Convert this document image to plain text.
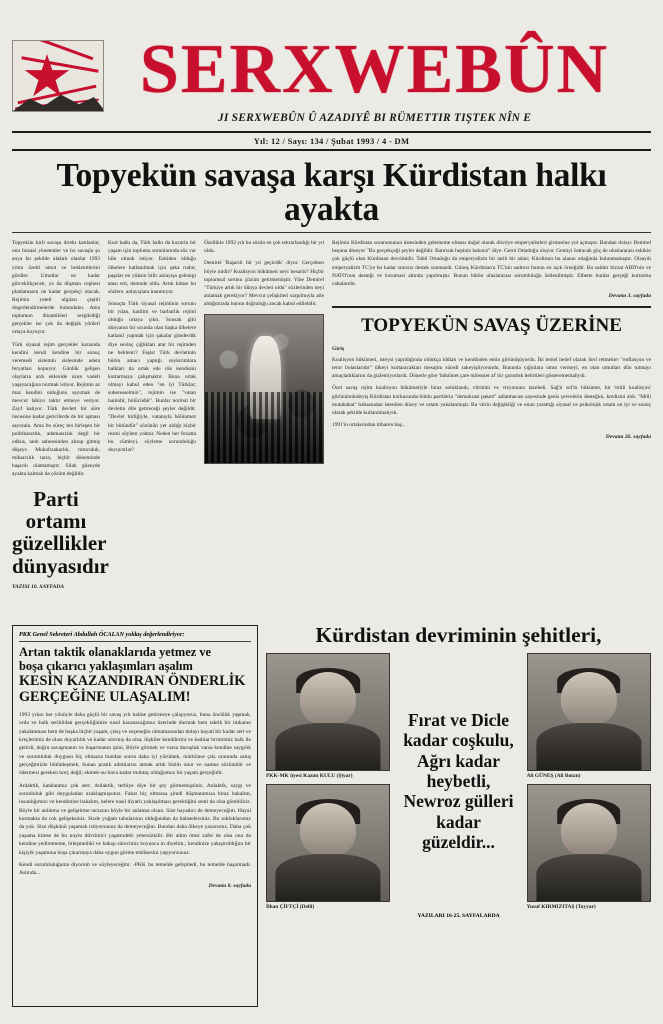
★ SERXWEBÛN
JI SERXWEBÛN Û AZADIYÊ BI RÜMETTIR TIŞTEK NÎN E
Yıl: 12 / Sayı: 134 / Şubat 1993 / 4 - DM
Topyekün savaşa karşı Kürdistan halkı ayakta

Topyekün kirli savaşa direkt katılanlar, onu buzaal yönetenler ve bu savaşla şu anya bu şekilde alakalı olanlar 1993 yılını özelti umut ve beklentilerini gördler. Umutlar ne kadar görceklikçecek, ya da düşman cephesi planlamazın ne kadar gerçekçi olacak. Rejimin yeteli algıları çeşitli dogerlendirmelerde bulunduku. Ama toplumun dinamikleri sergilediği gerçekler ise çok da değişik yönleri ortaya koyuyor.

Türk siyasal rejim gerçekler karaında kendini kendi kendine bir sonuç veremedi sistemin sislesinde adeta feryatları kopuyor. Günlük gelişen olayların ardı eklenide uzun vadeli yaşayacağına normak istiyor. Rejimin az maz kendini oldoğunu sayımak de mevcut labiyo taktır etmeye veriyor. Zayf kalıyor. Türk devleti bir süre öncesine kadar gericilerde de bir aşması sayoralu. Ama bu süreç ten birleşen bir politikasızlık, adamasızlık degil bir odkus, tanh sahnesinden alınıp gitmiş düşeys Muhafızakarlık, tutuculuk, mikarcılık tarın, hiçbir döneminde başarılı olamamıştır. Silah güzeyde ayakta kalmak da çözüm değildir.

Parti ortamı güzellikler dünyasıdır
YAZISI 10. SAYFADA

Kurt halkı da, Türk halkı da huzurlu bir yaşam için topluma sorunlarında söz var hile olmak istiyor. Eskiden olduğu ülkelere katlanılmak için şaka rudur, paşalar en yüksin bilir anlayışa gelenigi atası etti, demode oldu. Artık kimse bu sözlere, anlayışlara inanmıyor.

Sonuçta Türk siyasal rejiminin sorunu bir yılan, katilim ve barbarlık rejimi olduğu ortaya çıktı. Sonsak gibi dünyanın bir ucunda olan başka ülkelere katlanıl yapmak için şakalar gönderdik diye sevinç çığlıkları atar bir rejimden ne beklenir? Faşist Türk devletinin bütün amacı yaptığı soykırımlara halkları da ortak ede rök kendisini kurtarmaya çalışmaktır. Buna ortak olmayı kabul eden "en iyi Türklar; suberesselmin", rejimin ise "vatan hainidir, bölücüdür". Bunlar normal bir devletin dile getireceği şeyler değildir. "Devlet birliğiyle, vatanıyla bölünmez bir bütündür" sözünün yer aldığı hiçbir resmi söylem yoktur. Neden her fırsatta bu cümleyi, söyleme zorunduluğu duyuyorlar?

Özellikle 1992 yılı bu sözün en çok tekrarlandığı bir yıl oldu.

Demirel 'Başarılı bir yıl geçirdik' diyor. Gerçekten böyle midir? Koalisyon hükümeti neyi hesardı? Hiçbir toplumsal sorunu çözüm getirmemiştir. Yine Demirel "Türkiye artık bir dünya devleti oldu" sözlerinden neyi anlamak gerekiyor? Mevcut çelişkileri sarpılmıyla aile aldığımızda bunun doğruluğu ancak kabul edilebilir.

Rejimin Kürdistan sorunununun üstesinden gelememe olması doğal olarak düvriye emperyalistleri girmesine yol açmıştır. Bundan dolayı Demirel boşuna dmeyor "Bu gerçekçeği şeyler değildir. Batırısık hepiniz bahınız" diye. Gerni Ortadoğu oluyor. Gemiyi östracak güç de uluslararası eskikin çok güçlü olan Kürdistan devrimidir. Tabii Ortadoğu da emperyalizm bir tarih bir adaır; Kürdistan bu alanın odağında bulunmamıştır. Olsaydı emperyalizm TC'ye bu kadar sınırsız destek sunmazdı. Günoş Kürdistan'a TC'nin sadırısı bunun en açık örneğidir. Bu saldırı bizzat ABD'nin ve NATO'nun desteği ve korumasi altında yapılmıştır. Bunun bütün uluslararası sorumluluğu üstlenilmiştir. Elbette bunlar gerçeği kurtarma cabalarıdır.

Devamı 3. sayfada
TOPYEKÜN SAVAŞ ÜZERİNE
Giriş

Koalisyon hükümeti, isteysi yapıldığında oldukça iddialı ve kendinden emin görünüşüyordu. İki temel hedef olarak ileri retmekte: "enflasyon ve teror bolaslarıdır" ülkeyi kurtaracakları mesajını süredi sakeyişliyorundu. Bununla yığınlara umut vermeyi, en olan umutları dün tutmayı amaçladıklarını da gizlemiyorlardı. Dönerle göre 'hükümet çare milessier al' bir çarısıbık belirtileri gösterememaliydi.

Özel savaş rejim koalisyon hükümetiyle biraz soluklandı, vitrinini ve vizyonunu tazeledi. Sağ'lı sol'lu hükümet, bir 'milli koalisyon' görünümündeyiş Kürdistan korkusunda bütün partilerin "demokrasi paketi" adlatmacası sayesinde genis çevrelerin desteğini, kredisini aldı. "Milli mutabakat" babasından istenilen düzey ve ortam yakalanmıştı. Bu vitrin değişikliği ve onun yarattığı siyasal ve psikolojik ortam en iyi ve sonuç olarak şekilde kullanılmalıydı.

1991'in ortalarından itibaren baş...

Devamı 26. sayfada
PKK Genel Sekreteri Abdullah ÖCALAN yoldaş değerlendiriyor:
Artan taktik olanaklarıda yetmez ve
boşa çıkarıcı yaklaşımları aşalım
KESİN KAZANDIRAN ÖNDERLİK
GERÇEĞİNE ULAŞALIM!

1993 yılını her yönüyle daha güçlü bir savaş yılı haline getirmeye çalışıyoruz, buna öncülük yapmak, ordu ve halk serihlidan gerçekliğimize nasıl kazanacağımız üzerinde durmak hem taktik bir imkanın yakalanması hem de başka hiçbir yaşam, çıkış ve soçeneğin olmamasından dolayı hayati bir kadar sert ve kreçlerimiz de olası duyarlılık ve kadar sılırmış da olsa, ilişkiler kendilerini ve kadılar birimimiz halk ile getirdi, doğru savaşmanın ve başarmanın ipini, Böyle görmek ve varsa duruşluk varsa kendine saygılık ve sorumluluk duygusu hiç olmazsa bundan sonra daha iyi yürümek, mürkünse çıkı oranında sanış gerçeğimizle bütünleşmek, bunan pratik adımlarını atmak artık bizim onur ve namus sözünütür ve ödermesi gereken borç değil; ekmek-su-hava kadar muhtaç olduğumuz bir yaşam gerçeğidir.

Anlaktik, katalanmız çok sert. Anlaktik, terbiye diye bir şey görmemişsiniz. Anlaktik, saygı ve sorunluluk gibi duyguladan uzaklaşmışsınız. Fakat biç olmassa şimdi düşmanımıza biraz bakalım, insanlığımızı ve kendimize bakalım, nelere nasıl diyarlı yaklaşılması gerektiğini senti da olsa görebiliriz. Böyle bir anlıkma ve geliştirme tarzısını böyle bir anlatma olsun. Size hayadıcı de demeyeceğim. Hayal kurmakta da cok gelişeksiniz. Sizde yoğam tabularının olduğundan da bahsedersiniz. Bu tokluklarımız da yok. Size düşkünü yaşamak istiyorsunuz da demeyeceğim. Bundan daha ölkeye yazarsınız. Daha çok yaşama kimse de bu nuyiu düvrimici yaşamıdeki yetersizkilir. Bir adım ötesi zafer de olsa onu da kendine yedirememe, bileşmeiliki ve bakışı sürecimiz boyunca in diyelim.; kendinize yakıştırıldığını bir kişiyik yaşamına boşa çıkarmaya daha uygun görme tehlikesini yaşıyorsunuz.

Kendi sorumluluğuma diyorum ve söyleyeceğim: -PKK bu temelde gelişmedi, bu temelde başarmadı. Aslında...

Devamı 8. sayfada
Kürdistan devriminin şehitleri,
PKK-MK üyesi Kazım KULU (Şiyar)
Fırat ve Dicle kadar coşkulu, Ağrı kadar heybetli, Newroz gülleri kadar güzeldir...
Ali GÜNEŞ (Ali Botan)
İlhan ÇİFTÇİ (Delil)	Yusuf KIRMIZITAŞ (Tayyar)
YAZILARI 16-25. SAYFALARDA
